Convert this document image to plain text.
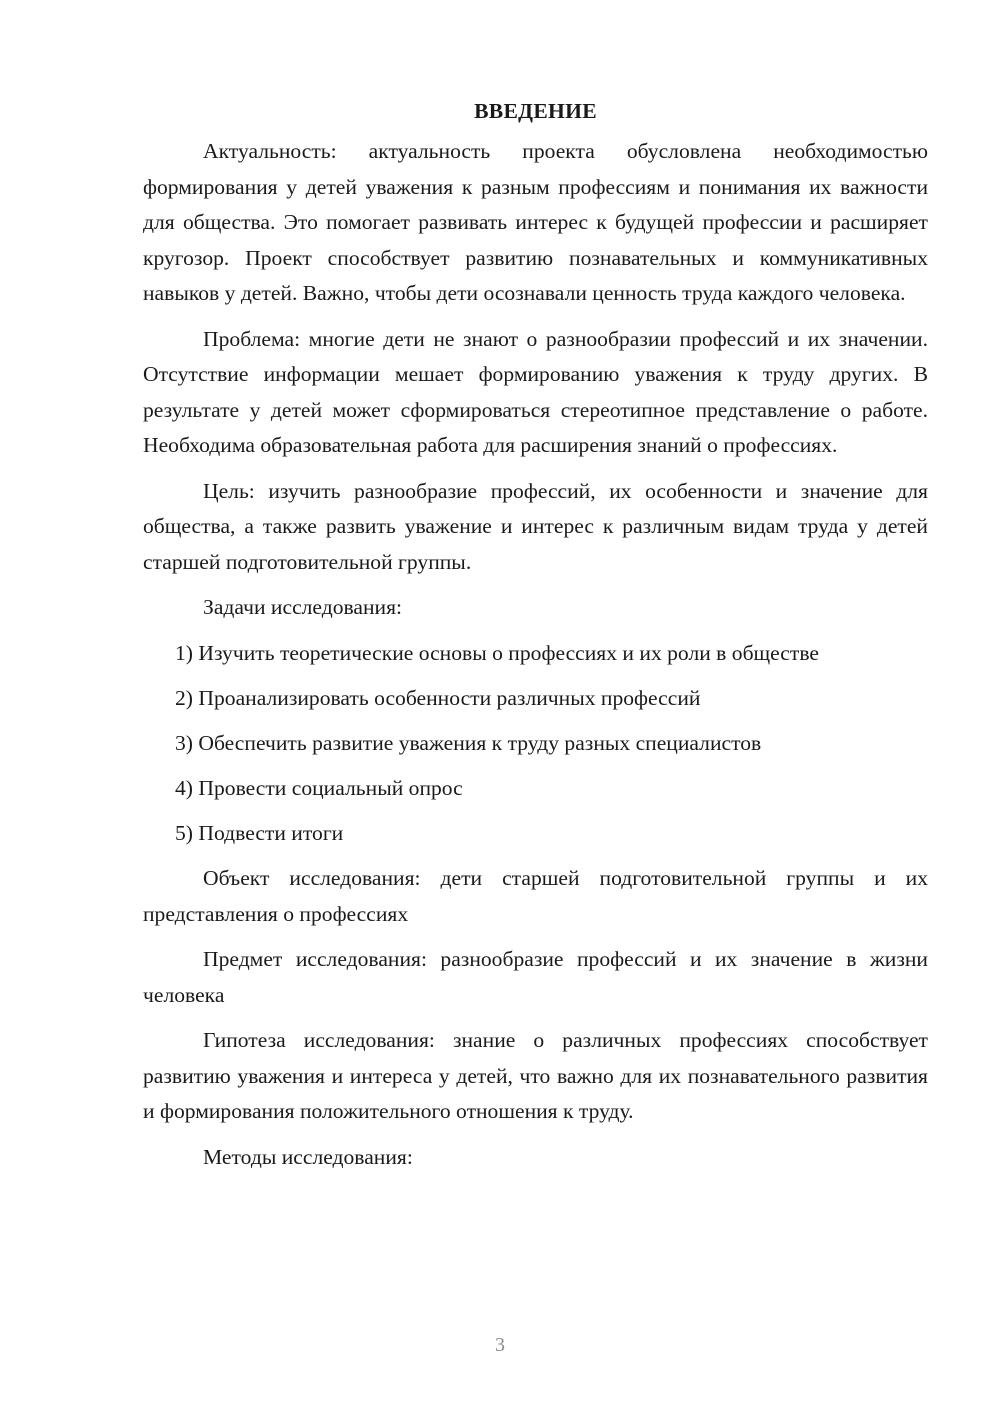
ВВЕДЕНИЕ

Актуальность: актуальность проекта обусловлена необходимостью формирования у детей уважения к разным профессиям и понимания их важности для общества. Это помогает развивать интерес к будущей профессии и расширяет кругозор. Проект способствует развитию познавательных и коммуникативных навыков у детей. Важно, чтобы дети осознавали ценность труда каждого человека.

Проблема: многие дети не знают о разнообразии профессий и их значении. Отсутствие информации мешает формированию уважения к труду других. В результате у детей может сформироваться стереотипное представление о работе. Необходима образовательная работа для расширения знаний о профессиях.

Цель: изучить разнообразие профессий, их особенности и значение для общества, а также развить уважение и интерес к различным видам труда у детей старшей подготовительной группы.

Задачи исследования:

1) Изучить теоретические основы о профессиях и их роли в обществе
2) Проанализировать особенности различных профессий
3) Обеспечить развитие уважения к труду разных специалистов
4) Провести социальный опрос
5) Подвести итоги

Объект исследования: дети старшей подготовительной группы и их представления о профессиях

Предмет исследования: разнообразие профессий и их значение в жизни человека

Гипотеза исследования: знание о различных профессиях способствует развитию уважения и интереса у детей, что важно для их познавательного развития и формирования положительного отношения к труду.

Методы исследования:

3
